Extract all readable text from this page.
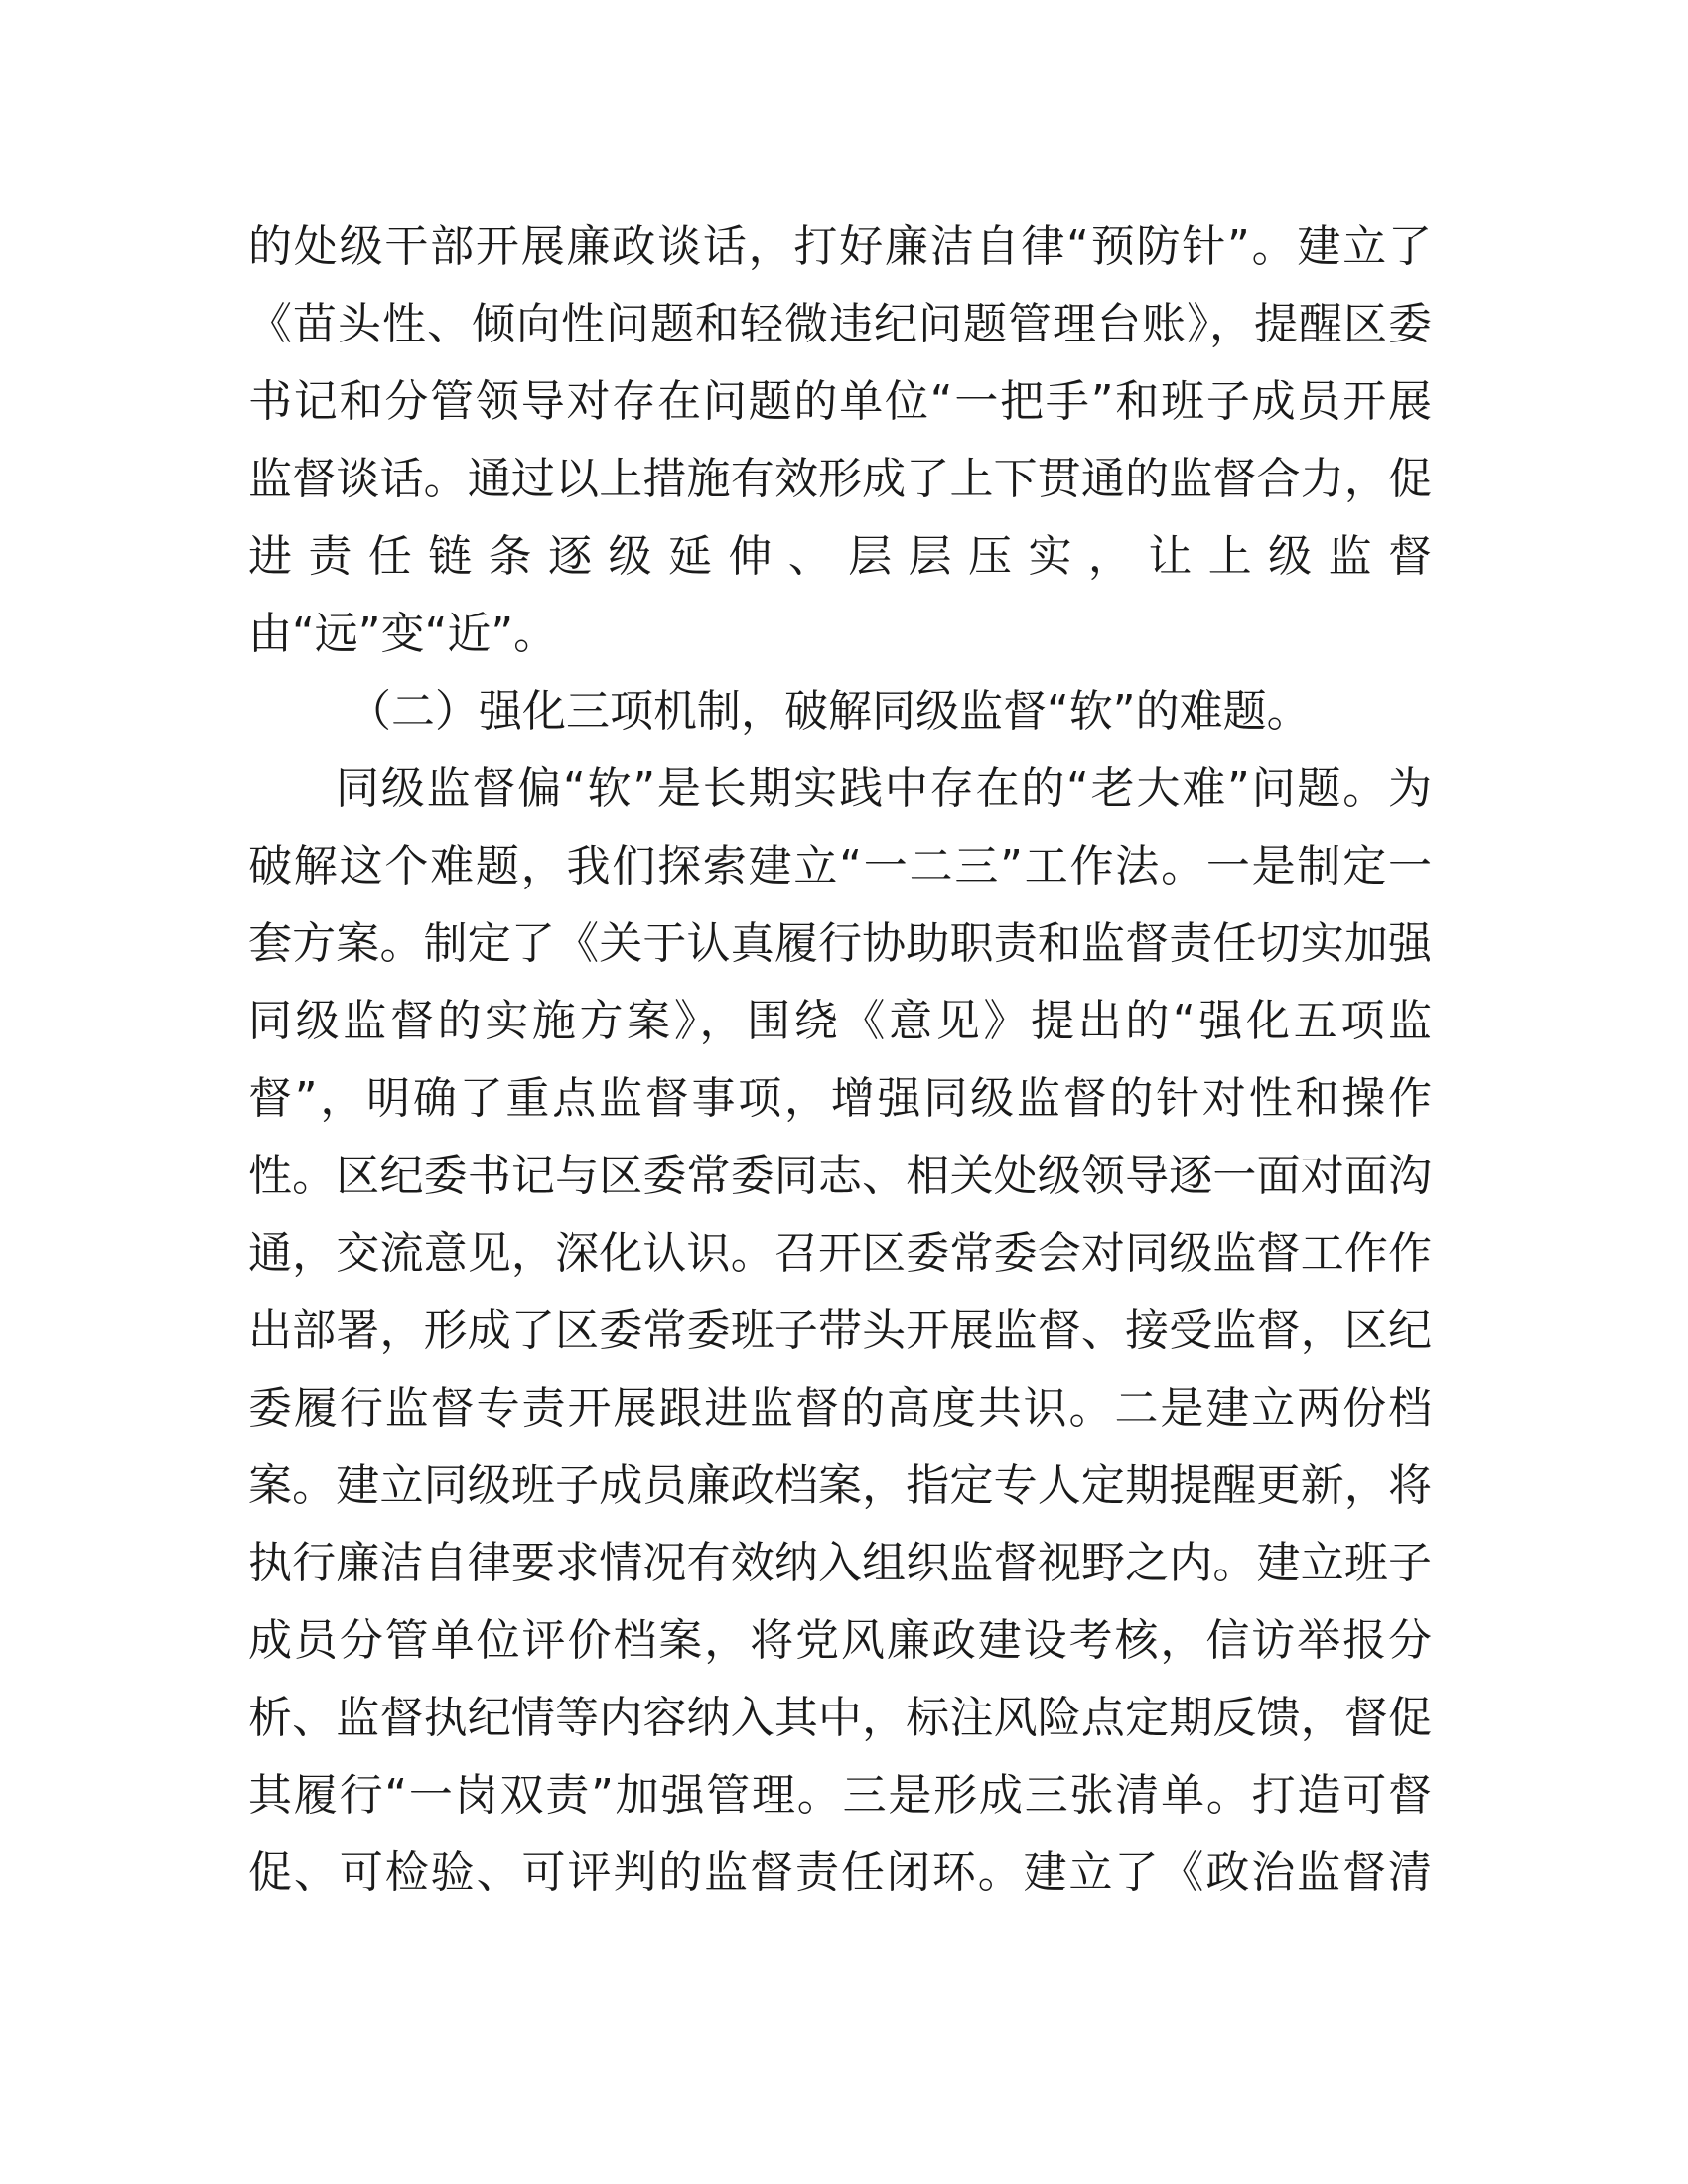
的处级干部开展廉政谈话，打好廉洁自律“预防针”。建立了
《苗头性、倾向性问题和轻微违纪问题管理台账》，提醒区委
书记和分管领导对存在问题的单位“一把手”和班子成员开展
监督谈话。通过以上措施有效形成了上下贯通的监督合力，促
进责任链条逐级延伸、层层压实，让上级监督
由“远”变“近”。
（二）强化三项机制，破解同级监督“软”的难题。
同级监督偏“软”是长期实践中存在的“老大难”问题。为
破解这个难题，我们探索建立“一二三”工作法。一是制定一
套方案。制定了《关于认真履行协助职责和监督责任切实加强
同级监督的实施方案》，围绕《意见》提出的“强化五项监
督”，明确了重点监督事项，增强同级监督的针对性和操作
性。区纪委书记与区委常委同志、相关处级领导逐一面对面沟
通，交流意见，深化认识。召开区委常委会对同级监督工作作
出部署，形成了区委常委班子带头开展监督、接受监督，区纪
委履行监督专责开展跟进监督的高度共识。二是建立两份档
案。建立同级班子成员廉政档案，指定专人定期提醒更新，将
执行廉洁自律要求情况有效纳入组织监督视野之内。建立班子
成员分管单位评价档案，将党风廉政建设考核，信访举报分
析、监督执纪情等内容纳入其中，标注风险点定期反馈，督促
其履行“一岗双责”加强管理。三是形成三张清单。打造可督
促、可检验、可评判的监督责任闭环。建立了《政治监督清
